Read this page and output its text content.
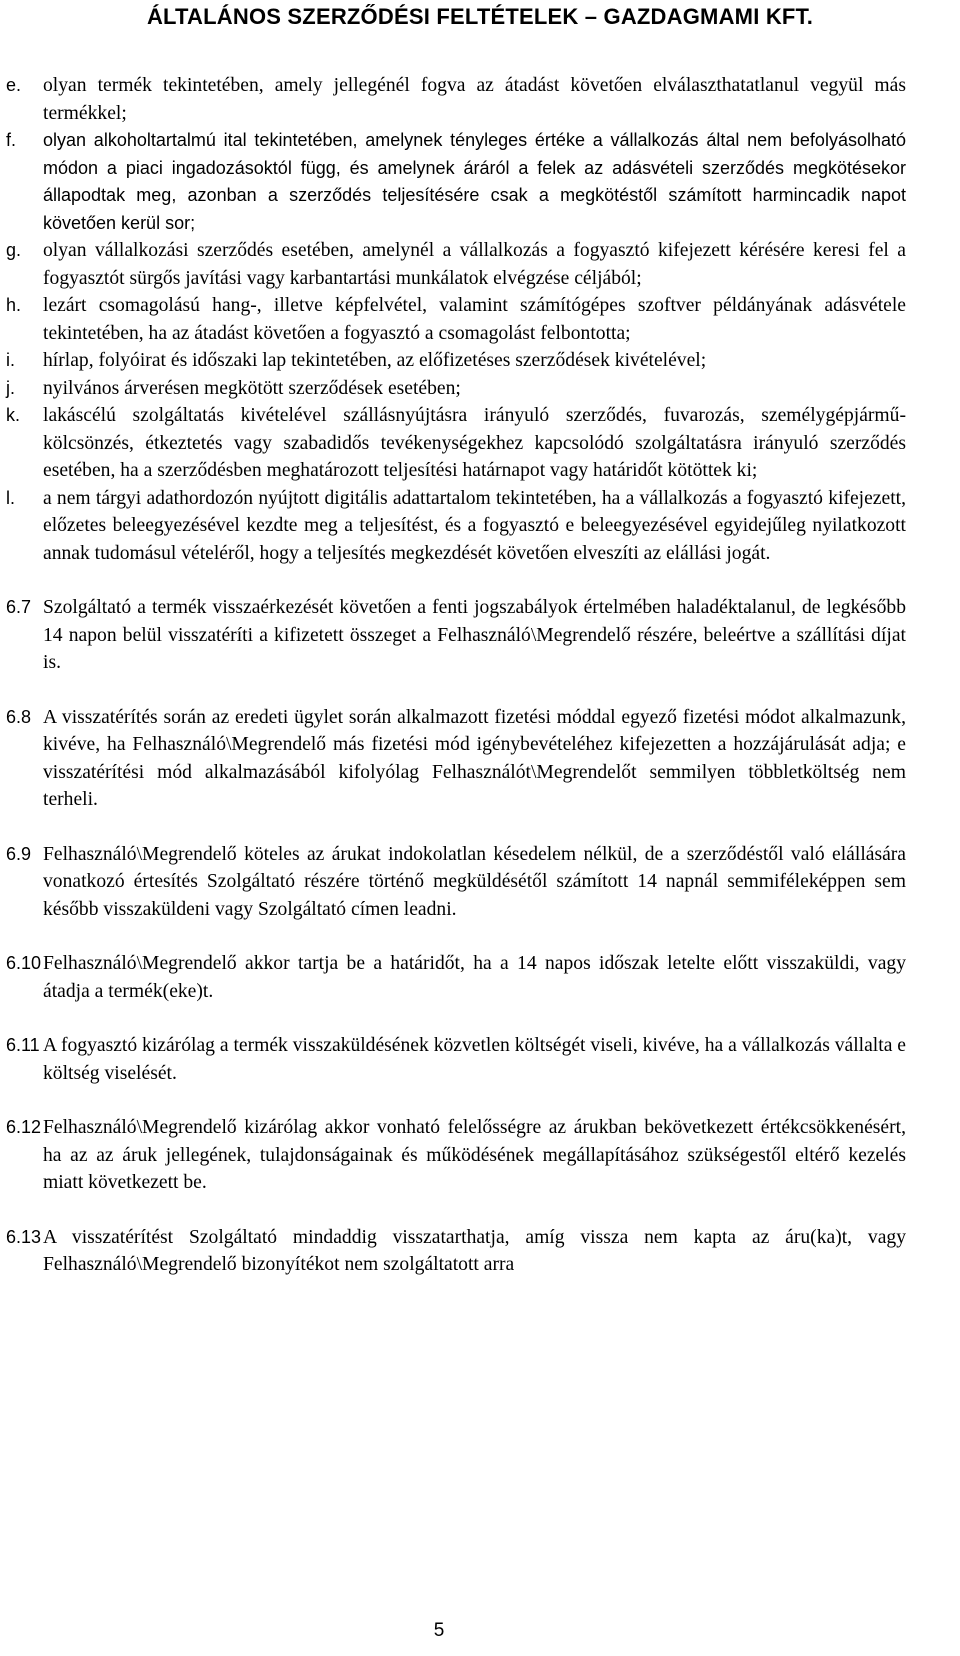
ÁLTALÁNOS SZERZŐDÉSI FELTÉTELEK – GAZDAGMAMI KFT.
e. olyan termék tekintetében, amely jellegénél fogva az átadást követően elválaszthatatlanul vegyül más termékkel;
f. olyan alkoholtartalmú ital tekintetében, amelynek tényleges értéke a vállalkozás által nem befolyásolható módon a piaci ingadozásoktól függ, és amelynek áráról a felek az adásvételi szerződés megkötésekor állapodtak meg, azonban a szerződés teljesítésére csak a megkötéstől számított harmincadik napot követően kerül sor;
g. olyan vállalkozási szerződés esetében, amelynél a vállalkozás a fogyasztó kifejezett kérésére keresi fel a fogyasztót sürgős javítási vagy karbantartási munkálatok elvégzése céljából;
h. lezárt csomagolású hang-, illetve képfelvétel, valamint számítógépes szoftver példányának adásvétele tekintetében, ha az átadást követően a fogyasztó a csomagolást felbontotta;
i. hírlap, folyóirat és időszaki lap tekintetében, az előfizetéses szerződések kivételével;
j. nyilvános árverésen megkötött szerződések esetében;
k. lakáscélú szolgáltatás kivételével szállásnyújtásra irányuló szerződés, fuvarozás, személygépjármű-kölcsönzés, étkeztetés vagy szabadidős tevékenységekhez kapcsolódó szolgáltatásra irányuló szerződés esetében, ha a szerződésben meghatározott teljesítési határnapot vagy határidőt kötöttek ki;
l. a nem tárgyi adathordozón nyújtott digitális adattartalom tekintetében, ha a vállalkozás a fogyasztó kifejezett, előzetes beleegyezésével kezdte meg a teljesítést, és a fogyasztó e beleegyezésével egyidejűleg nyilatkozott annak tudomásul vételéről, hogy a teljesítés megkezdését követően elveszíti az elállási jogát.
6.7 Szolgáltató a termék visszaérkezését követően a fenti jogszabályok értelmében haladéktalanul, de legkésőbb 14 napon belül visszatéríti a kifizetett összeget a Felhasználó\Megrendelő részére, beleértve a szállítási díjat is.
6.8 A visszatérítés során az eredeti ügylet során alkalmazott fizetési móddal egyező fizetési módot alkalmazunk, kivéve, ha Felhasználó\Megrendelő más fizetési mód igénybevételéhez kifejezetten a hozzájárulását adja; e visszatérítési mód alkalmazásából kifolyólag Felhasználót\Megrendelőt semmilyen többletköltség nem terheli.
6.9 Felhasználó\Megrendelő köteles az árukat indokolatlan késedelem nélkül, de a szerződéstől való elállására vonatkozó értesítés Szolgáltató részére történő megküldésétől számított 14 napnál semmiféleképpen sem később visszaküldeni vagy Szolgáltató címen leadni.
6.10 Felhasználó\Megrendelő akkor tartja be a határidőt, ha a 14 napos időszak letelte előtt visszaküldi, vagy átadja a termék(eke)t.
6.11 A fogyasztó kizárólag a termék visszaküldésének közvetlen költségét viseli, kivéve, ha a vállalkozás vállalta e költség viselését.
6.12 Felhasználó\Megrendelő kizárólag akkor vonható felelősségre az árukban bekövetkezett értékcsökkenésért, ha az az áruk jellegének, tulajdonságainak és működésének megállapításához szükségestől eltérő kezelés miatt következett be.
6.13 A visszatérítést Szolgáltató mindaddig visszatarthatja, amíg vissza nem kapta az áru(ka)t, vagy Felhasználó\Megrendelő bizonyítékot nem szolgáltatott arra
5
